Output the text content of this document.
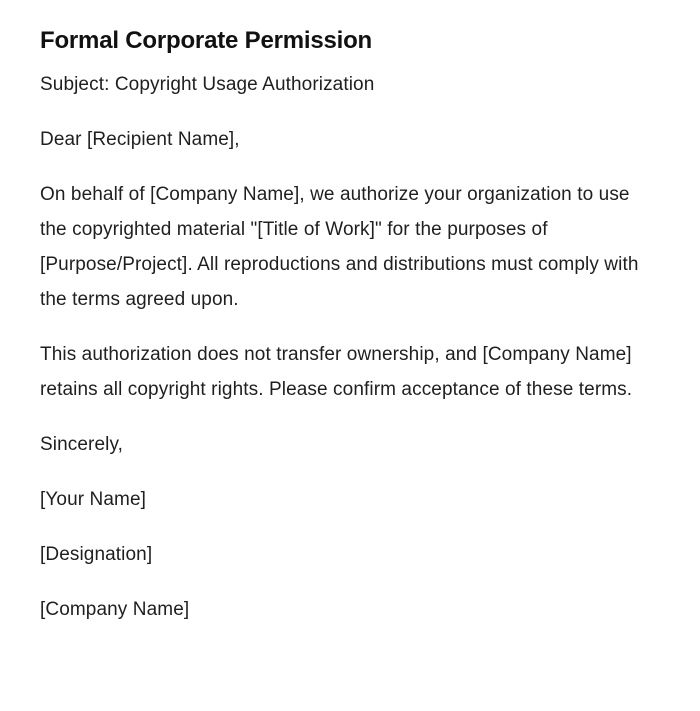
Formal Corporate Permission

Subject: Copyright Usage Authorization

Dear [Recipient Name],

On behalf of [Company Name], we authorize your organization to use the copyrighted material "[Title of Work]" for the purposes of [Purpose/Project]. All reproductions and distributions must comply with the terms agreed upon.

This authorization does not transfer ownership, and [Company Name] retains all copyright rights. Please confirm acceptance of these terms.

Sincerely,

[Your Name]

[Designation]

[Company Name]
